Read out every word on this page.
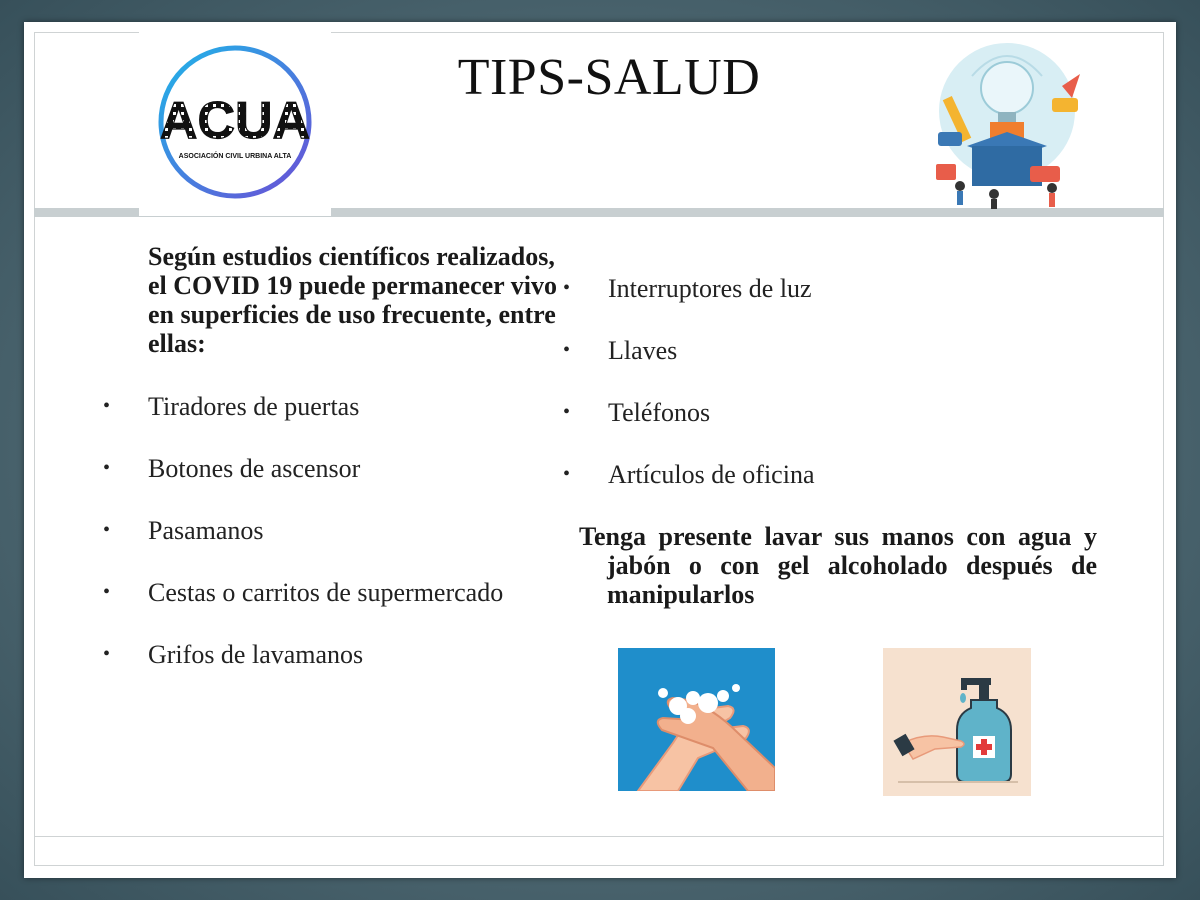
ACUA
ASOCIACIÓN CIVIL URBINA ALTA
TIPS-SALUD
Según estudios científicos realizados, el COVID 19 puede permanecer vivo en superficies de uso frecuente, entre ellas:
• Tiradores de puertas
• Botones de ascensor
• Pasamanos
• Cestas o carritos de supermercado
• Grifos de lavamanos
• Interruptores de luz
• Llaves
• Teléfonos
• Artículos de oficina
Tenga presente lavar sus manos con agua y jabón o con gel alcoholado después de manipularlos
